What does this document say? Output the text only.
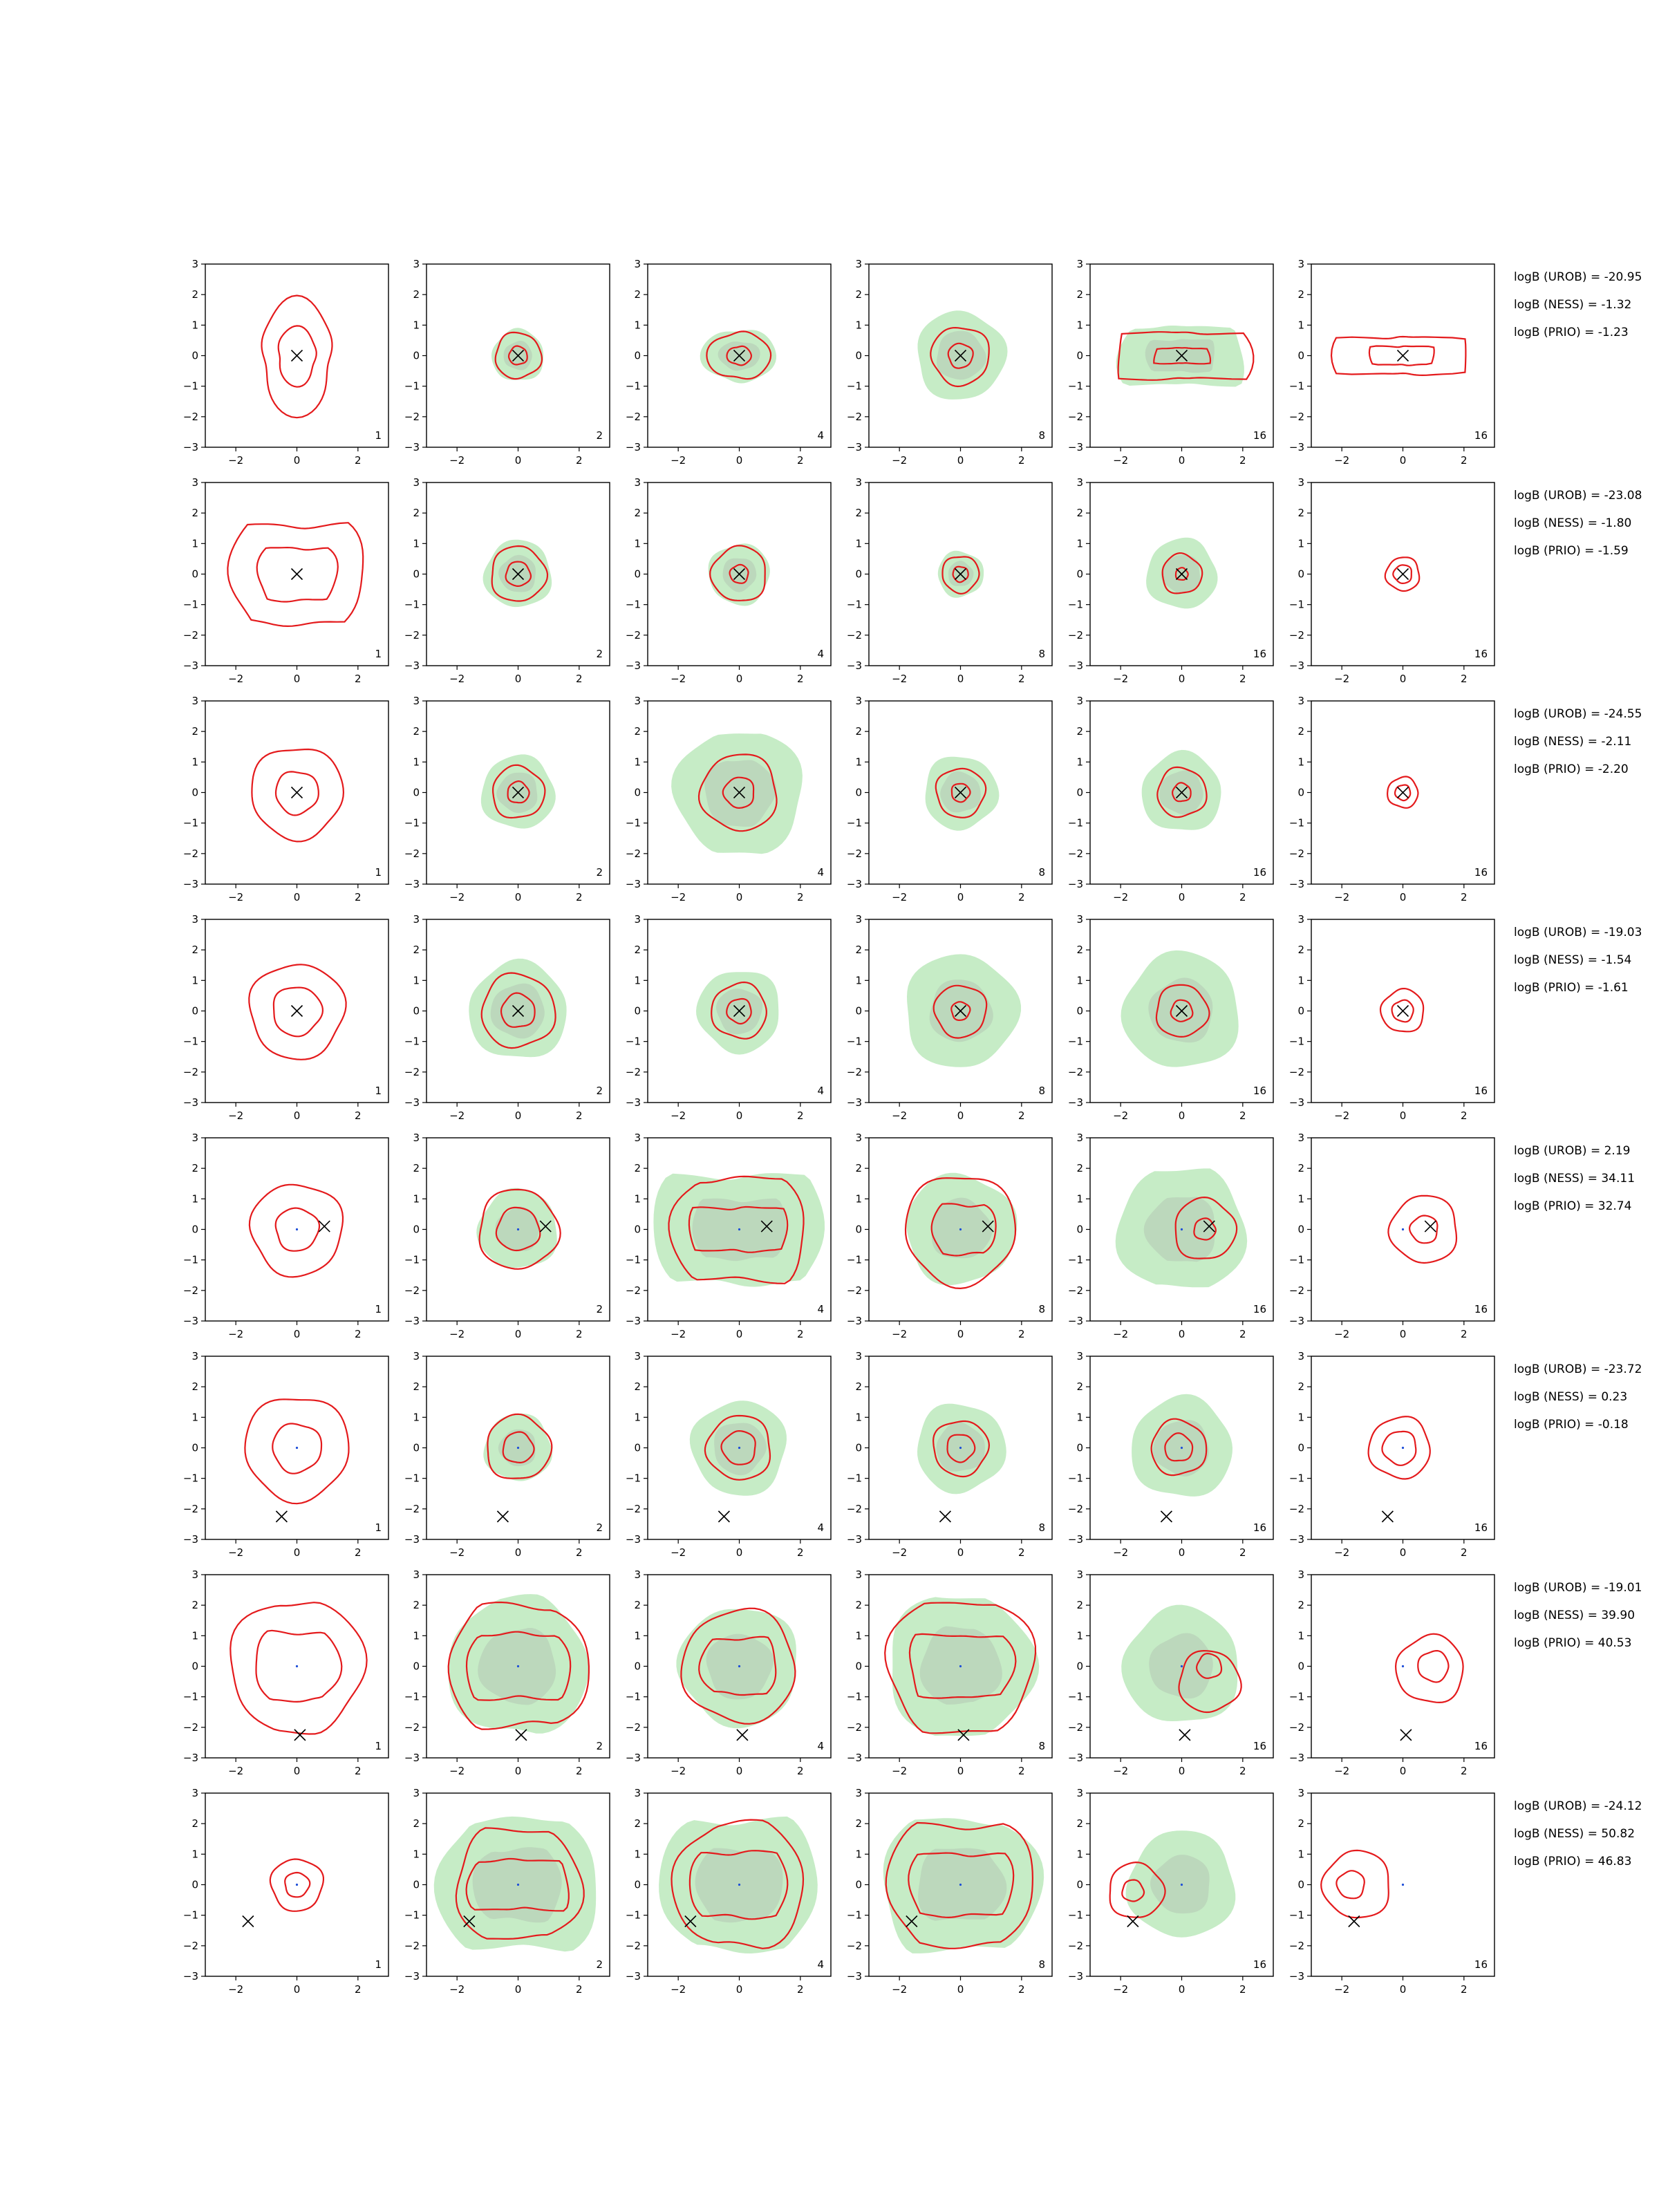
−3
−2
−1
0
1
2
3
−2	0	2
1
−3
−2
−1
0
1
2
3
−2	0	2
2
−3
−2
−1
0
1
2
3
−2	0	2
4
−3
−2
−1
0
1
2
3
−2	0	2
8
−3
−2
−1
0
1
2
3
−2	0	2
16
−3
−2
−1
0
1
2
3
−2	0	2
16
logB (UROB) = -20.95
logB (NESS) = -1.32
logB (PRIO) = -1.23
−3
−2
−1
0
1
2
3
−2	0	2
1
−3
−2
−1
0
1
2
3
−2	0	2
2
−3
−2
−1
0
1
2
3
−2	0	2
4
−3
−2
−1
0
1
2
3
−2	0	2
8
−3
−2
−1
0
1
2
3
−2	0	2
16
−3
−2
−1
0
1
2
3
−2	0	2
16
logB (UROB) = -23.08
logB (NESS) = -1.80
logB (PRIO) = -1.59
−3
−2
−1
0
1
2
3
−2	0	2
1
−3
−2
−1
0
1
2
3
−2	0	2
2
−3
−2
−1
0
1
2
3
−2	0	2
4
−3
−2
−1
0
1
2
3
−2	0	2
8
−3
−2
−1
0
1
2
3
−2	0	2
16
−3
−2
−1
0
1
2
3
−2	0	2
16
logB (UROB) = -24.55
logB (NESS) = -2.11
logB (PRIO) = -2.20
−3
−2
−1
0
1
2
3
−2	0	2
1
−3
−2
−1
0
1
2
3
−2	0	2
2
−3
−2
−1
0
1
2
3
−2	0	2
4
−3
−2
−1
0
1
2
3
−2	0	2
8
−3
−2
−1
0
1
2
3
−2	0	2
16
−3
−2
−1
0
1
2
3
−2	0	2
16
logB (UROB) = -19.03
logB (NESS) = -1.54
logB (PRIO) = -1.61
−3
−2
−1
0
1
2
3
−2	0	2
1
−3
−2
−1
0
1
2
3
−2	0	2
2
−3
−2
−1
0
1
2
3
−2	0	2
4
−3
−2
−1
0
1
2
3
−2	0	2
8
−3
−2
−1
0
1
2
3
−2	0	2
16
−3
−2
−1
0
1
2
3
−2	0	2
16
logB (UROB) = 2.19
logB (NESS) = 34.11
logB (PRIO) = 32.74
−3
−2
−1
0
1
2
3
−2	0	2
1
−3
−2
−1
0
1
2
3
−2	0	2
2
−3
−2
−1
0
1
2
3
−2	0	2
4
−3
−2
−1
0
1
2
3
−2	0	2
8
−3
−2
−1
0
1
2
3
−2	0	2
16
−3
−2
−1
0
1
2
3
−2	0	2
16
logB (UROB) = -23.72
logB (NESS) = 0.23
logB (PRIO) = -0.18
−3
−2
−1
0
1
2
3
−2	0	2
1
−3
−2
−1
0
1
2
3
−2	0	2
2
−3
−2
−1
0
1
2
3
−2	0	2
4
−3
−2
−1
0
1
2
3
−2	0	2
8
−3
−2
−1
0
1
2
3
−2	0	2
16
−3
−2
−1
0
1
2
3
−2	0	2
16
logB (UROB) = -19.01
logB (NESS) = 39.90
logB (PRIO) = 40.53
−3
−2
−1
0
1
2
3
−2	0	2
1
−3
−2
−1
0
1
2
3
−2	0	2
2
−3
−2
−1
0
1
2
3
−2	0	2
4
−3
−2
−1
0
1
2
3
−2	0	2
8
−3
−2
−1
0
1
2
3
−2	0	2
16
−3
−2
−1
0
1
2
3
−2	0	2
16
logB (UROB) = -24.12
logB (NESS) = 50.82
logB (PRIO) = 46.83
